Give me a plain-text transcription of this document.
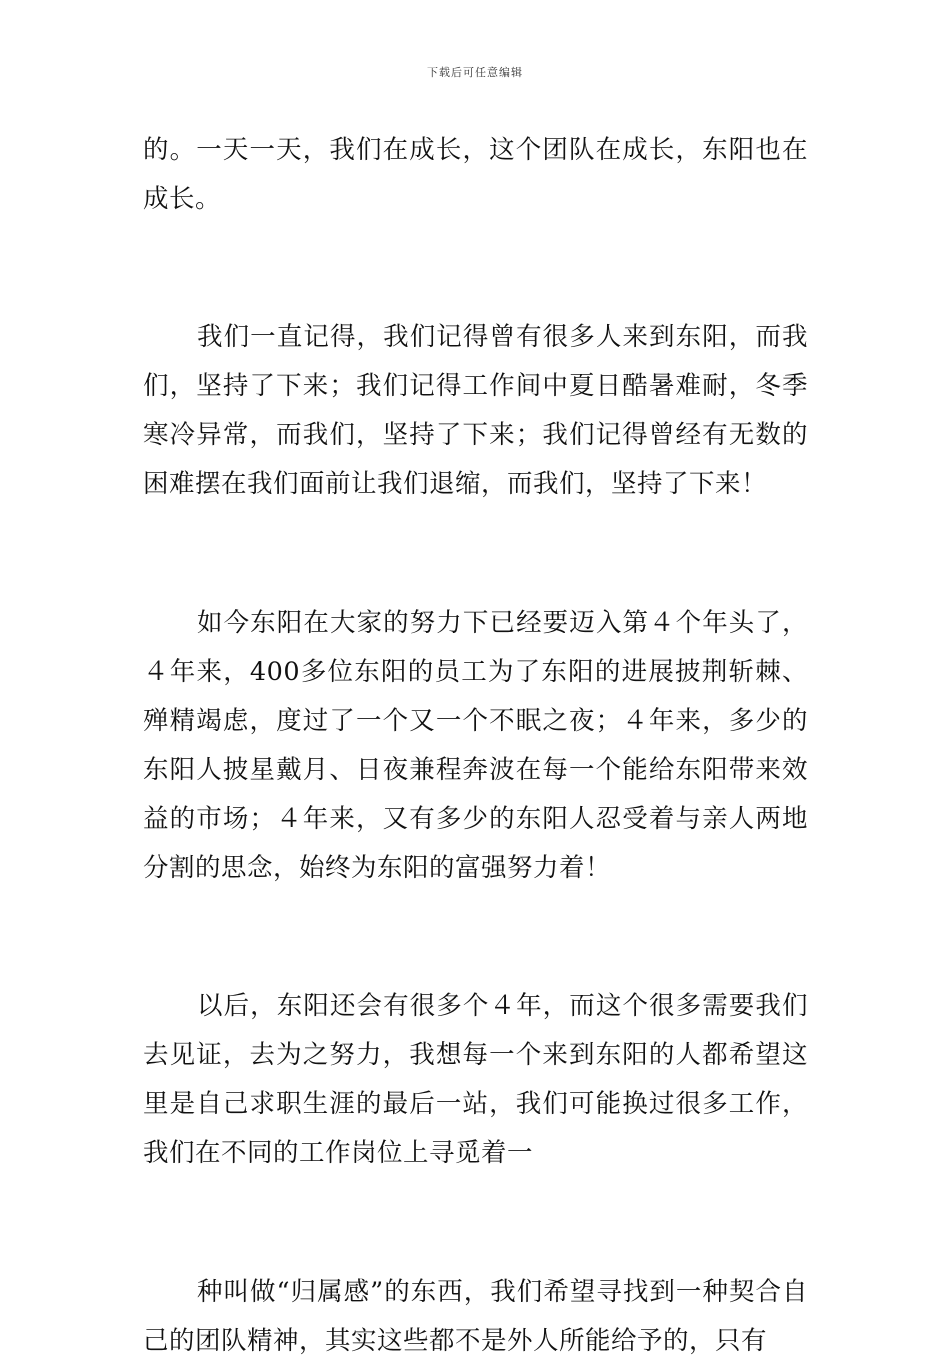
下载后可任意编辑

的。一天一天，我们在成长，这个团队在成长，东阳也在成长。

我们一直记得，我们记得曾有很多人来到东阳，而我们，坚持了下来；我们记得工作间中夏日酷暑难耐，冬季寒冷异常，而我们，坚持了下来；我们记得曾经有无数的困难摆在我们面前让我们退缩，而我们，坚持了下来！

如今东阳在大家的努力下已经要迈入第４个年头了，４年来，400多位东阳的员工为了东阳的进展披荆斩棘、殚精竭虑，度过了一个又一个不眠之夜；４年来，多少的东阳人披星戴月、日夜兼程奔波在每一个能给东阳带来效益的市场；４年来，又有多少的东阳人忍受着与亲人两地分割的思念，始终为东阳的富强努力着！

以后，东阳还会有很多个４年，而这个很多需要我们去见证，去为之努力，我想每一个来到东阳的人都希望这里是自己求职生涯的最后一站，我们可能换过很多工作，我们在不同的工作岗位上寻觅着一

种叫做“归属感”的东西，我们希望寻找到一种契合自己的团队精神，其实这些都不是外人所能给予的，只有
